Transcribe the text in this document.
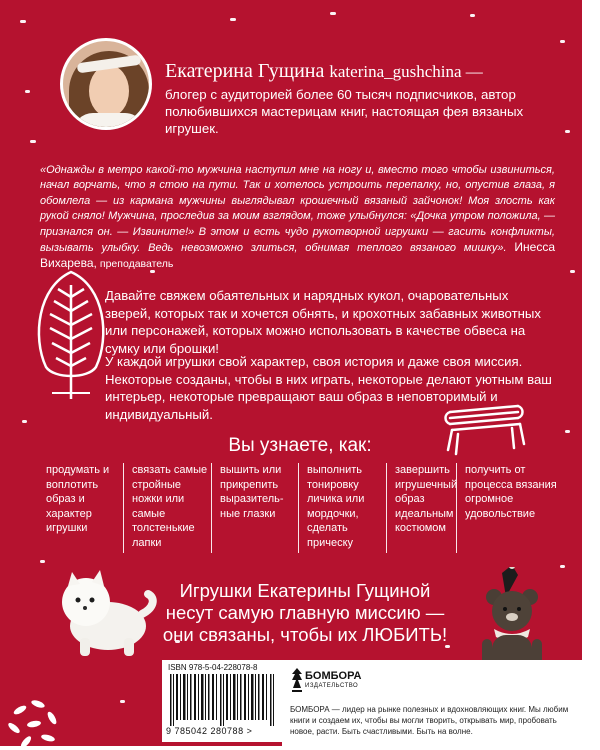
Екатерина Гущина katerina_gushchina —
блогер с аудиторией более 60 тысяч подписчиков, автор полюбившихся мастерицам книг, настоящая фея вязаных игрушек.
«Однажды в метро какой-то мужчина наступил мне на ногу и, вместо того чтобы извиниться, начал ворчать, что я стою на пути. Так и хотелось устроить перепалку, но, опустив глаза, я обомлела — из кармана мужчины выглядывал крошечный вязаный зайчонок! Моя злость как рукой сняло! Мужчина, проследив за моим взглядом, тоже улыбнулся: «Дочка утром положила, — признался он. — Извините!» В этом и есть чудо рукотворной игрушки — гасить конфликты, вызывать улыбку. Ведь невозможно злиться, обнимая теплого вязаного мишку». Инесса Вихарева, преподаватель
Давайте свяжем обаятельных и нарядных кукол, очаровательных зверей, которых так и хочется обнять, и крохотных забавных животных или персонажей, которых можно использовать в качестве обвеса на сумку или брошки!
У каждой игрушки свой характер, своя история и даже своя миссия. Некоторые созданы, чтобы в них играть, некоторые делают уютным ваш интерьер, некоторые превращают ваш образ в неповторимый и индивидуальный.
Вы узнаете, как:
продумать и воплотить образ и характер игрушки
связать самые стройные ножки или самые толстенькие лапки
вышить или прикрепить выразительные глазки
выполнить тонировку личика или мордочки, сделать прическу
завершить игрушечный образ идеальным костюмом
получить от процесса вязания огромное удовольствие
Игрушки Екатерины Гущиной
несут самую главную миссию —
они связаны, чтобы их ЛЮБИТЬ!
ISBN 978-5-04-228078-8
9 785042 280788 >
БОМБОРА
ИЗДАТЕЛЬСТВО
БОМБОРА — лидер на рынке полезных и вдохновляющих книг. Мы любим книги и создаем их, чтобы вы могли творить, открывать мир, пробовать новое, расти. Быть счастливыми. Быть на волне.
